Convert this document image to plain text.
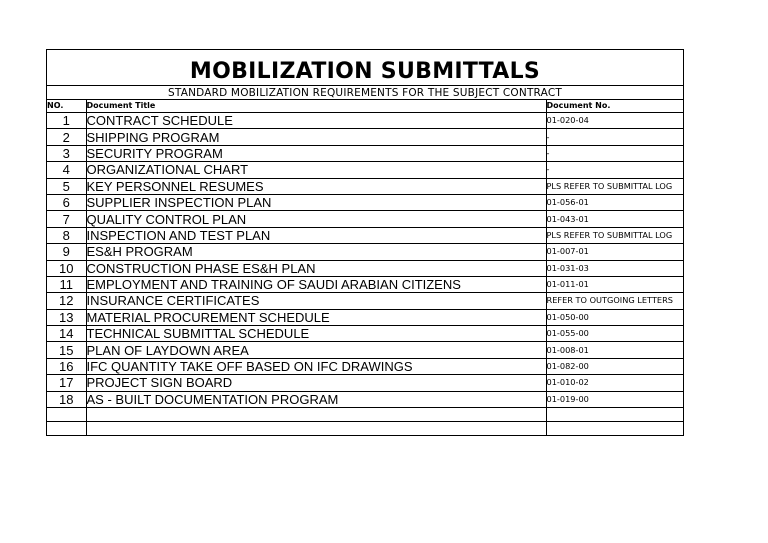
MOBILIZATION SUBMITTALS
STANDARD MOBILIZATION REQUIREMENTS FOR THE SUBJECT CONTRACT
NO.	Document Title	Document No.
1	CONTRACT SCHEDULE	01-020-04
2	SHIPPING PROGRAM	-
3	SECURITY PROGRAM	-
4	ORGANIZATIONAL CHART	-
5	KEY PERSONNEL RESUMES	PLS REFER TO SUBMITTAL LOG
6	SUPPLIER INSPECTION PLAN	01-056-01
7	QUALITY CONTROL PLAN	01-043-01
8	INSPECTION AND TEST PLAN	PLS REFER TO SUBMITTAL LOG
9	ES&H PROGRAM	01-007-01
10	CONSTRUCTION PHASE ES&H PLAN	01-031-03
11	EMPLOYMENT AND TRAINING OF SAUDI ARABIAN CITIZENS	01-011-01
12	INSURANCE CERTIFICATES	REFER TO OUTGOING LETTERS
13	MATERIAL PROCUREMENT SCHEDULE	01-050-00
14	TECHNICAL SUBMITTAL SCHEDULE	01-055-00
15	PLAN OF LAYDOWN AREA	01-008-01
16	IFC QUANTITY TAKE OFF BASED ON IFC DRAWINGS	01-082-00
17	PROJECT SIGN BOARD	01-010-02
18	AS - BUILT DOCUMENTATION PROGRAM	01-019-00
